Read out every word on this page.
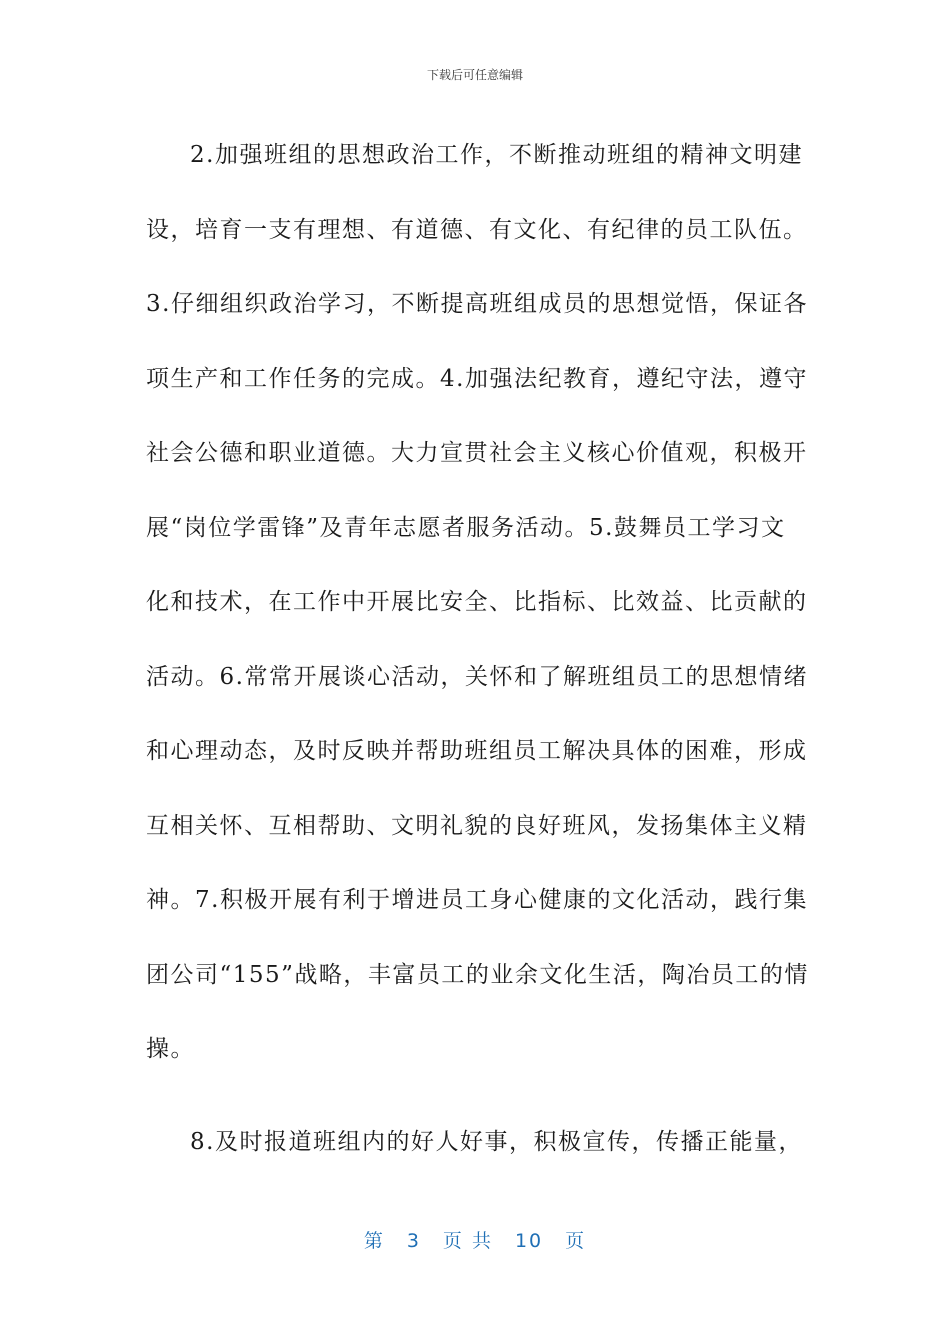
下载后可任意编辑
2.加强班组的思想政治工作，不断推动班组的精神文明建
设，培育一支有理想、有道德、有文化、有纪律的员工队伍。
3.仔细组织政治学习，不断提高班组成员的思想觉悟，保证各
项生产和工作任务的完成。4.加强法纪教育，遵纪守法，遵守
社会公德和职业道德。大力宣贯社会主义核心价值观，积极开
展“岗位学雷锋”及青年志愿者服务活动。5.鼓舞员工学习文
化和技术，在工作中开展比安全、比指标、比效益、比贡献的
活动。6.常常开展谈心活动，关怀和了解班组员工的思想情绪
和心理动态，及时反映并帮助班组员工解决具体的困难，形成
互相关怀、互相帮助、文明礼貌的良好班风，发扬集体主义精
神。7.积极开展有利于增进员工身心健康的文化活动，践行集
团公司“155”战略，丰富员工的业余文化生活，陶冶员工的情
操。
8.及时报道班组内的好人好事，积极宣传，传播正能量，
第 3 页 共 10 页
